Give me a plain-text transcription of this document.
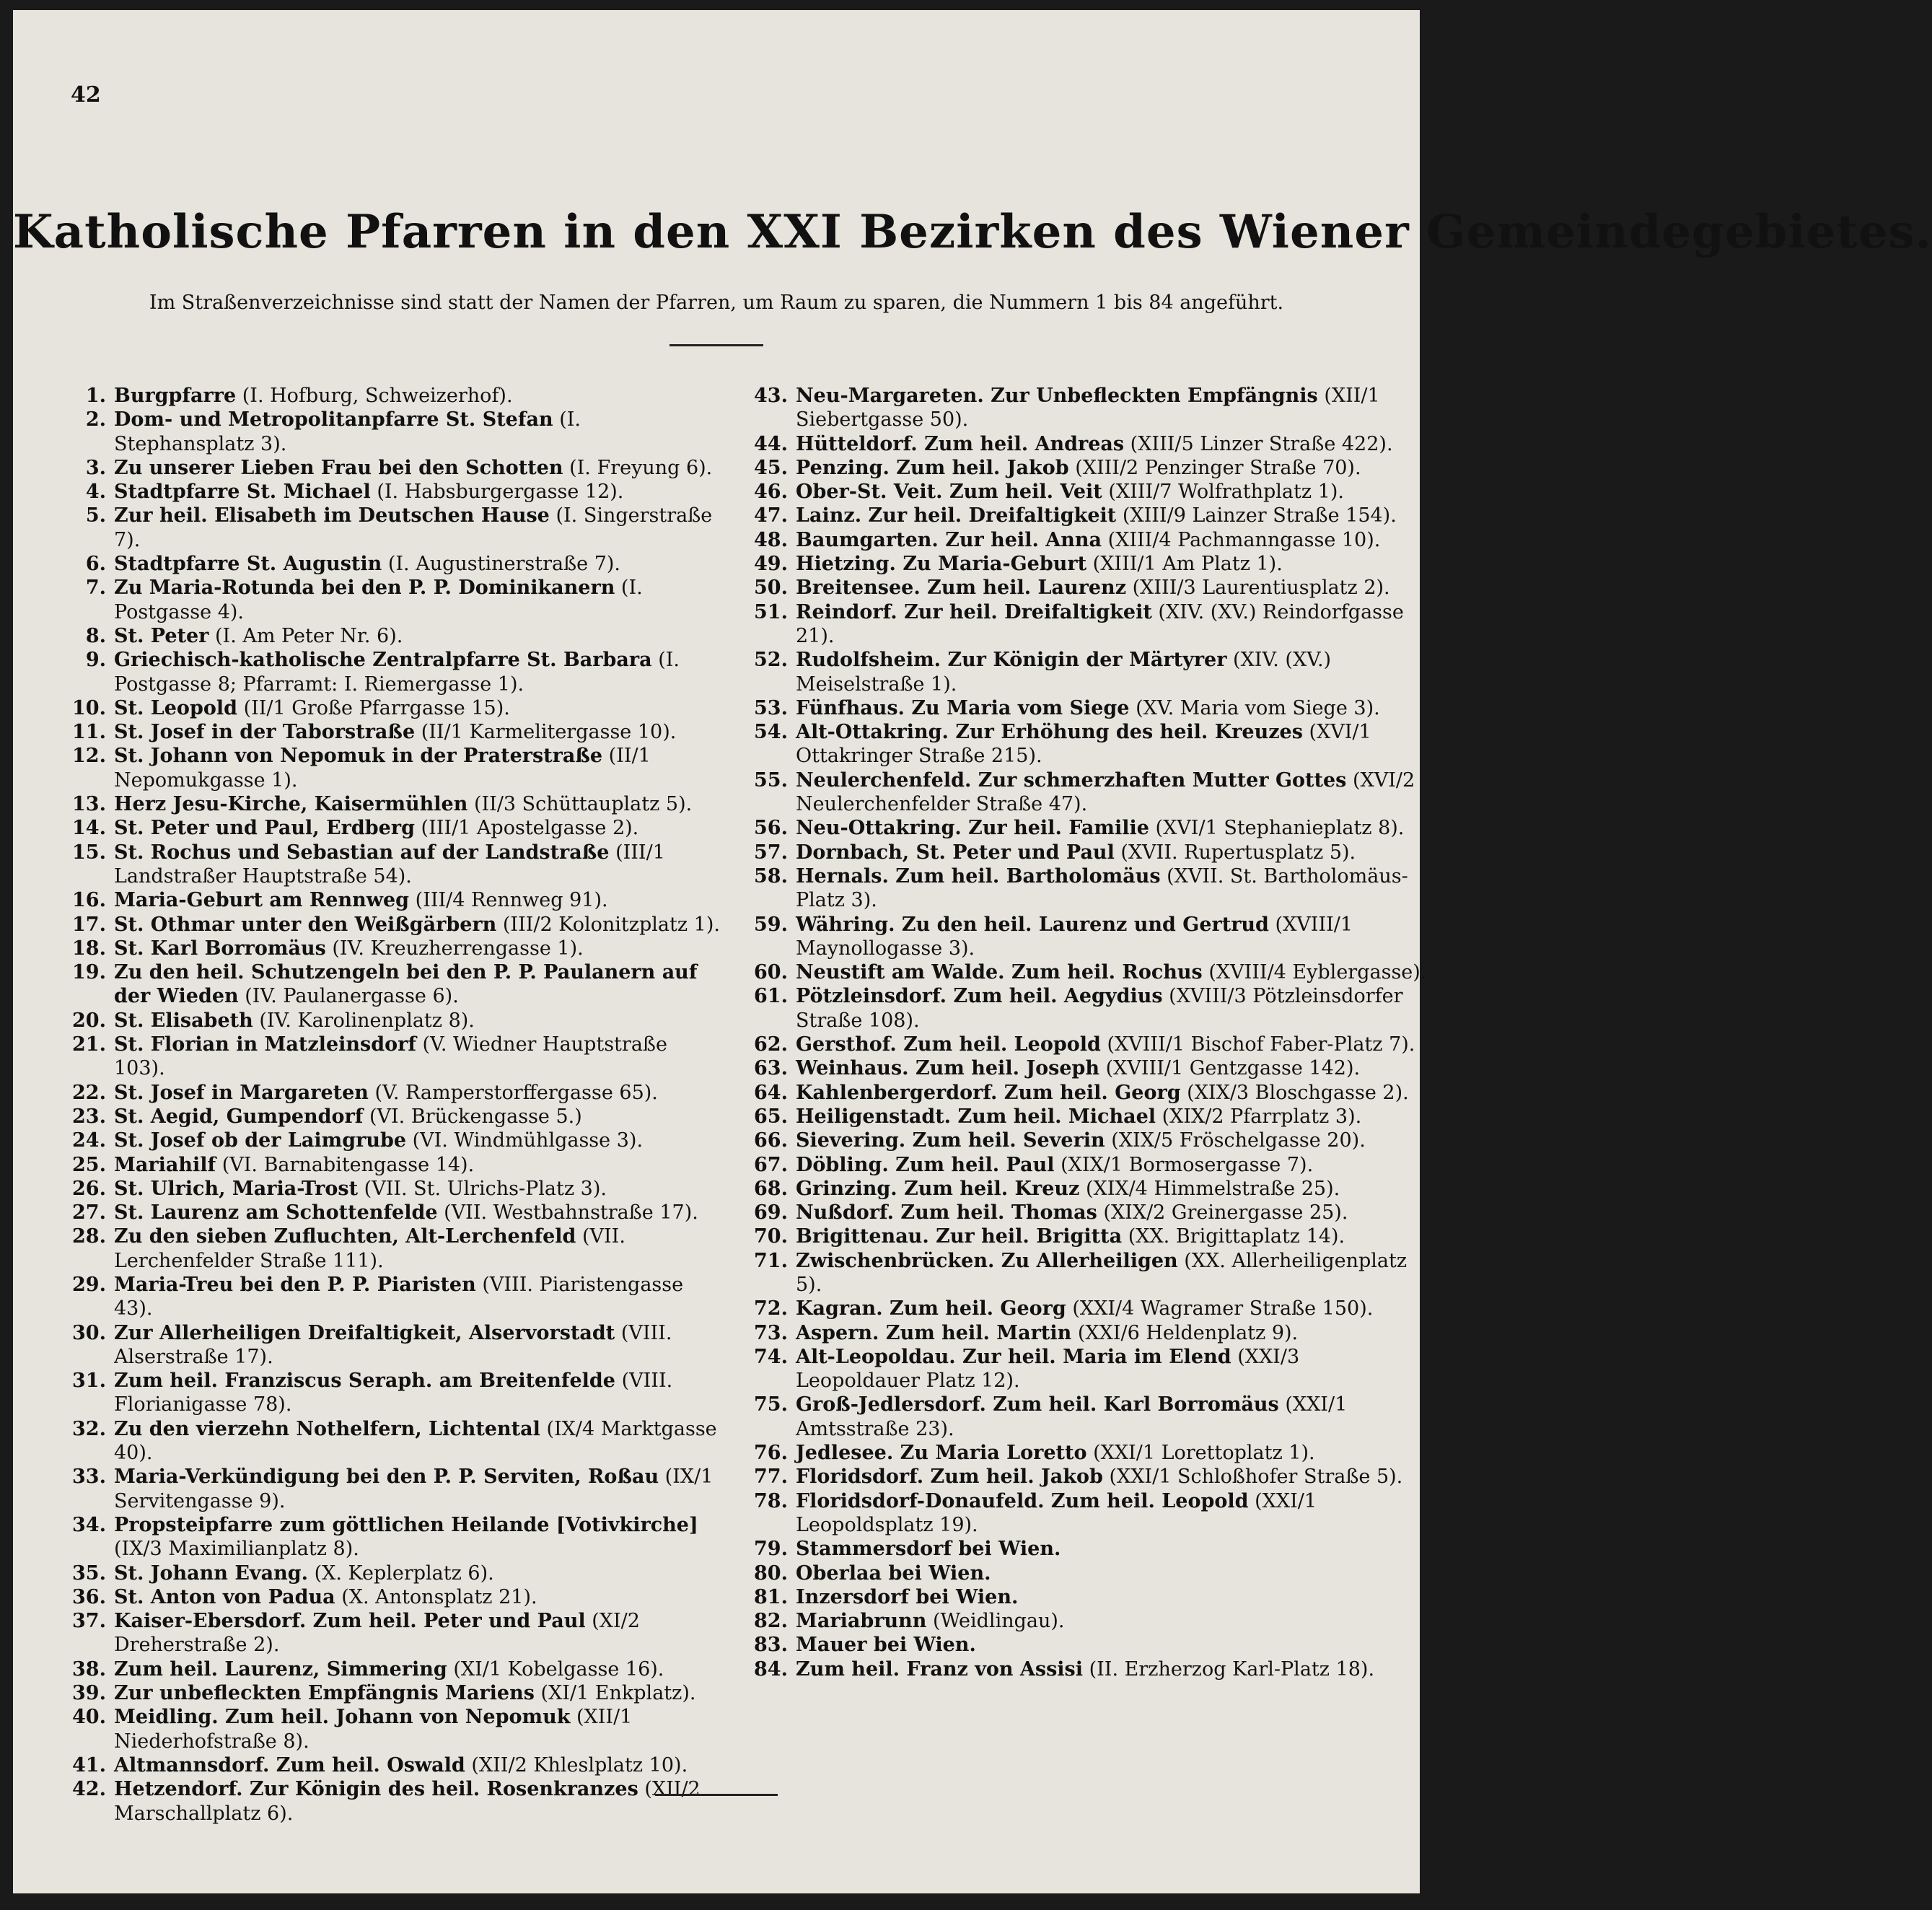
42
Katholische Pfarren in den XXI Bezirken des Wiener Gemeindegebietes.
Im Straßenverzeichnisse sind statt der Namen der Pfarren, um Raum zu sparen, die Nummern 1 bis 84 angeführt.
1. Burgpfarre (I. Hofburg, Schweizerhof).
2. Dom- und Metropolitanpfarre St. Stefan (I. Stephansplatz 3).
3. Zu unserer Lieben Frau bei den Schotten (I. Freyung 6).
4. Stadtpfarre St. Michael (I. Habsburgergasse 12).
5. Zur heil. Elisabeth im Deutschen Hause (I. Singerstraße 7).
6. Stadtpfarre St. Augustin (I. Augustinerstraße 7).
7. Zu Maria-Rotunda bei den P. P. Dominikanern (I. Postgasse 4).
8. St. Peter (I. Am Peter Nr. 6).
9. Griechisch-katholische Zentralpfarre St. Barbara (I. Postgasse 8; Pfarramt: I. Riemergasse 1).
10. St. Leopold (II/1 Große Pfarrgasse 15).
11. St. Josef in der Taborstraße (II/1 Karmelitergasse 10).
12. St. Johann von Nepomuk in der Praterstraße (II/1 Nepomukgasse 1).
13. Herz Jesu-Kirche, Kaisermühlen (II/3 Schüttauplatz 5).
14. St. Peter und Paul, Erdberg (III/1 Apostelgasse 2).
15. St. Rochus und Sebastian auf der Landstraße (III/1 Landstraßer Hauptstraße 54).
16. Maria-Geburt am Rennweg (III/4 Rennweg 91).
17. St. Othmar unter den Weißgärbern (III/2 Kolonitzplatz 1).
18. St. Karl Borromäus (IV. Kreuzherrengasse 1).
19. Zu den heil. Schutzengeln bei den P. P. Paulanern auf der Wieden (IV. Paulanergasse 6).
20. St. Elisabeth (IV. Karolinenplatz 8).
21. St. Florian in Matzleinsdorf (V. Wiedner Hauptstraße 103).
22. St. Josef in Margareten (V. Ramperstorffergasse 65).
23. St. Aegid, Gumpendorf (VI. Brückengasse 5.)
24. St. Josef ob der Laimgrube (VI. Windmühlgasse 3).
25. Mariahilf (VI. Barnabitengasse 14).
26. St. Ulrich, Maria-Trost (VII. St. Ulrichs-Platz 3).
27. St. Laurenz am Schottenfelde (VII. Westbahnstraße 17).
28. Zu den sieben Zufluchten, Alt-Lerchenfeld (VII. Lerchenfelder Straße 111).
29. Maria-Treu bei den P. P. Piaristen (VIII. Piaristengasse 43).
30. Zur Allerheiligen Dreifaltigkeit, Alservorstadt (VIII. Alserstraße 17).
31. Zum heil. Franziscus Seraph. am Breitenfelde (VIII. Florianigasse 78).
32. Zu den vierzehn Nothelfern, Lichtental (IX/4 Marktgasse 40).
33. Maria-Verkündigung bei den P. P. Serviten, Roßau (IX/1 Servitengasse 9).
34. Propsteipfarre zum göttlichen Heilande [Votivkirche] (IX/3 Maximilianplatz 8).
35. St. Johann Evang. (X. Keplerplatz 6).
36. St. Anton von Padua (X. Antonsplatz 21).
37. Kaiser-Ebersdorf. Zum heil. Peter und Paul (XI/2 Dreherstraße 2).
38. Zum heil. Laurenz, Simmering (XI/1 Kobelgasse 16).
39. Zur unbefleckten Empfängnis Mariens (XI/1 Enkplatz).
40. Meidling. Zum heil. Johann von Nepomuk (XII/1 Niederhofstraße 8).
41. Altmannsdorf. Zum heil. Oswald (XII/2 Khleslplatz 10).
42. Hetzendorf. Zur Königin des heil. Rosenkranzes (XII/2 Marschallplatz 6).
43. Neu-Margareten. Zur Unbefleckten Empfängnis (XII/1 Siebertgasse 50).
44. Hütteldorf. Zum heil. Andreas (XIII/5 Linzer Straße 422).
45. Penzing. Zum heil. Jakob (XIII/2 Penzinger Straße 70).
46. Ober-St. Veit. Zum heil. Veit (XIII/7 Wolfrathplatz 1).
47. Lainz. Zur heil. Dreifaltigkeit (XIII/9 Lainzer Straße 154).
48. Baumgarten. Zur heil. Anna (XIII/4 Pachmanngasse 10).
49. Hietzing. Zu Maria-Geburt (XIII/1 Am Platz 1).
50. Breitensee. Zum heil. Laurenz (XIII/3 Laurentiusplatz 2).
51. Reindorf. Zur heil. Dreifaltigkeit (XIV. (XV.) Reindorfgasse 21).
52. Rudolfsheim. Zur Königin der Märtyrer (XIV. (XV.) Meiselstraße 1).
53. Fünfhaus. Zu Maria vom Siege (XV. Maria vom Siege 3).
54. Alt-Ottakring. Zur Erhöhung des heil. Kreuzes (XVI/1 Ottakringer Straße 215).
55. Neulerchenfeld. Zur schmerzhaften Mutter Gottes (XVI/2 Neulerchenfelder Straße 47).
56. Neu-Ottakring. Zur heil. Familie (XVI/1 Stephanieplatz 8).
57. Dornbach, St. Peter und Paul (XVII. Rupertusplatz 5).
58. Hernals. Zum heil. Bartholomäus (XVII. St. Bartholomäus-Platz 3).
59. Währing. Zu den heil. Laurenz und Gertrud (XVIII/1 Maynollogasse 3).
60. Neustift am Walde. Zum heil. Rochus (XVIII/4 Eyblergasse).
61. Pötzleinsdorf. Zum heil. Aegydius (XVIII/3 Pötzleinsdorfer Straße 108).
62. Gersthof. Zum heil. Leopold (XVIII/1 Bischof Faber-Platz 7).
63. Weinhaus. Zum heil. Joseph (XVIII/1 Gentzgasse 142).
64. Kahlenbergerdorf. Zum heil. Georg (XIX/3 Bloschgasse 2).
65. Heiligenstadt. Zum heil. Michael (XIX/2 Pfarrplatz 3).
66. Sievering. Zum heil. Severin (XIX/5 Fröschelgasse 20).
67. Döbling. Zum heil. Paul (XIX/1 Bormosergasse 7).
68. Grinzing. Zum heil. Kreuz (XIX/4 Himmelstraße 25).
69. Nußdorf. Zum heil. Thomas (XIX/2 Greinergasse 25).
70. Brigittenau. Zur heil. Brigitta (XX. Brigittaplatz 14).
71. Zwischenbrücken. Zu Allerheiligen (XX. Allerheiligenplatz 5).
72. Kagran. Zum heil. Georg (XXI/4 Wagramer Straße 150).
73. Aspern. Zum heil. Martin (XXI/6 Heldenplatz 9).
74. Alt-Leopoldau. Zur heil. Maria im Elend (XXI/3 Leopoldauer Platz 12).
75. Groß-Jedlersdorf. Zum heil. Karl Borromäus (XXI/1 Amtsstraße 23).
76. Jedlesee. Zu Maria Loretto (XXI/1 Lorettoplatz 1).
77. Floridsdorf. Zum heil. Jakob (XXI/1 Schloßhofer Straße 5).
78. Floridsdorf-Donaufeld. Zum heil. Leopold (XXI/1 Leopoldsplatz 19).
79. Stammersdorf bei Wien.
80. Oberlaa bei Wien.
81. Inzersdorf bei Wien.
82. Mariabrunn (Weidlingau).
83. Mauer bei Wien.
84. Zum heil. Franz von Assisi (II. Erzherzog Karl-Platz 18).
